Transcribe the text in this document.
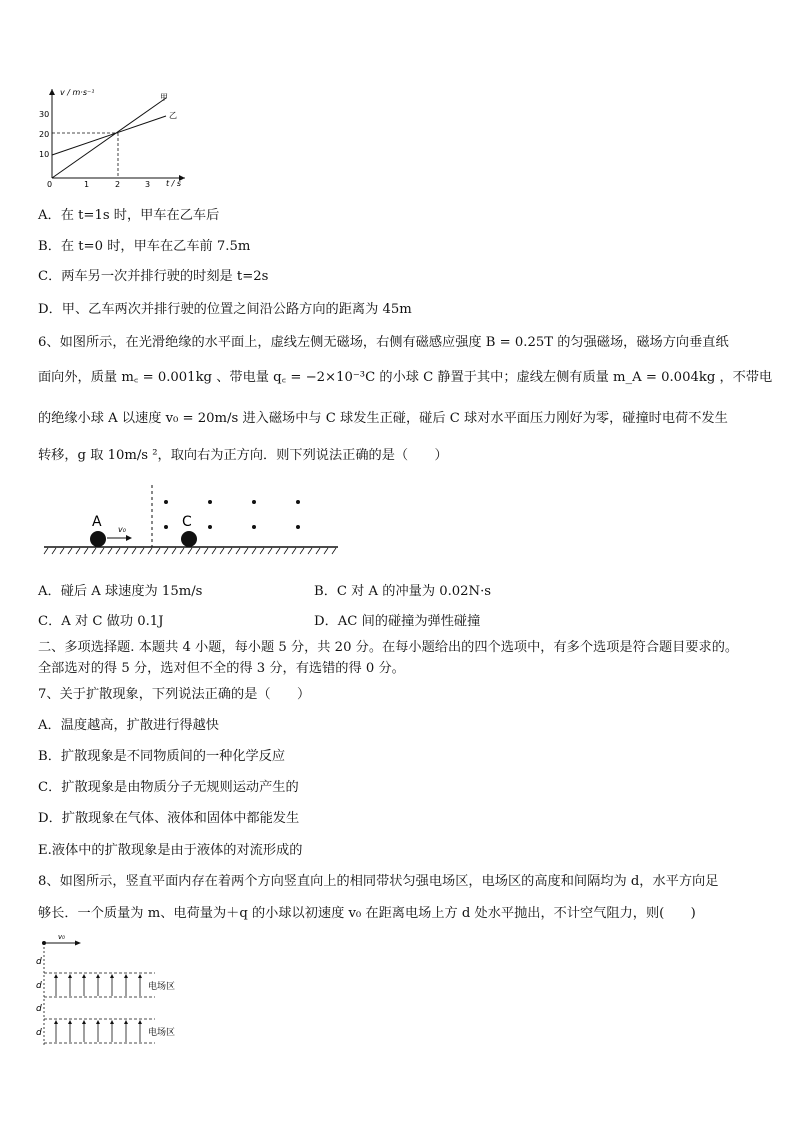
v / m·s⁻¹
t / s
30
20
10
0	1	2	3
甲
乙
A．在 t=1s 时，甲车在乙车后
B．在 t=0 时，甲车在乙车前 7.5m
C．两车另一次并排行驶的时刻是 t=2s
D．甲、乙车两次并排行驶的位置之间沿公路方向的距离为 45m
6、如图所示，在光滑绝缘的水平面上，虚线左侧无磁场，右侧有磁感应强度 B = 0.25T 的匀强磁场，磁场方向垂直纸
面向外，质量 m꜀ = 0.001kg 、带电量 q꜀ = −2×10⁻³C 的小球 C 静置于其中；虚线左侧有质量 m_A = 0.004kg ，不带电
的绝缘小球 A 以速度 v₀ = 20m/s 进入磁场中与 C 球发生正碰，碰后 C 球对水平面压力刚好为零，碰撞时电荷不发生
转移，g 取 10m/s ²，取向右为正方向．则下列说法正确的是（　　）
A	C
v₀
A．碰后 A 球速度为 15m/s	B．C 对 A 的冲量为 0.02N·s
C．A 对 C 做功 0.1J	D．AC 间的碰撞为弹性碰撞
二、多项选择题. 本题共 4 小题，每小题 5 分，共 20 分。在每小题给出的四个选项中，有多个选项是符合题目要求的。
全部选对的得 5 分，选对但不全的得 3 分，有选错的得 0 分。
7、关于扩散现象，下列说法正确的是（　　）
A．温度越高，扩散进行得越快
B．扩散现象是不同物质间的一种化学反应
C．扩散现象是由物质分子无规则运动产生的
D．扩散现象在气体、液体和固体中都能发生
E.液体中的扩散现象是由于液体的对流形成的
8、如图所示，竖直平面内存在着两个方向竖直向上的相同带状匀强电场区，电场区的高度和间隔均为 d，水平方向足
够长．一个质量为 m、电荷量为＋q 的小球以初速度 v₀ 在距离电场上方 d 处水平抛出，不计空气阻力，则(　　)
v₀
电场区
电场区
d
d
d
d
